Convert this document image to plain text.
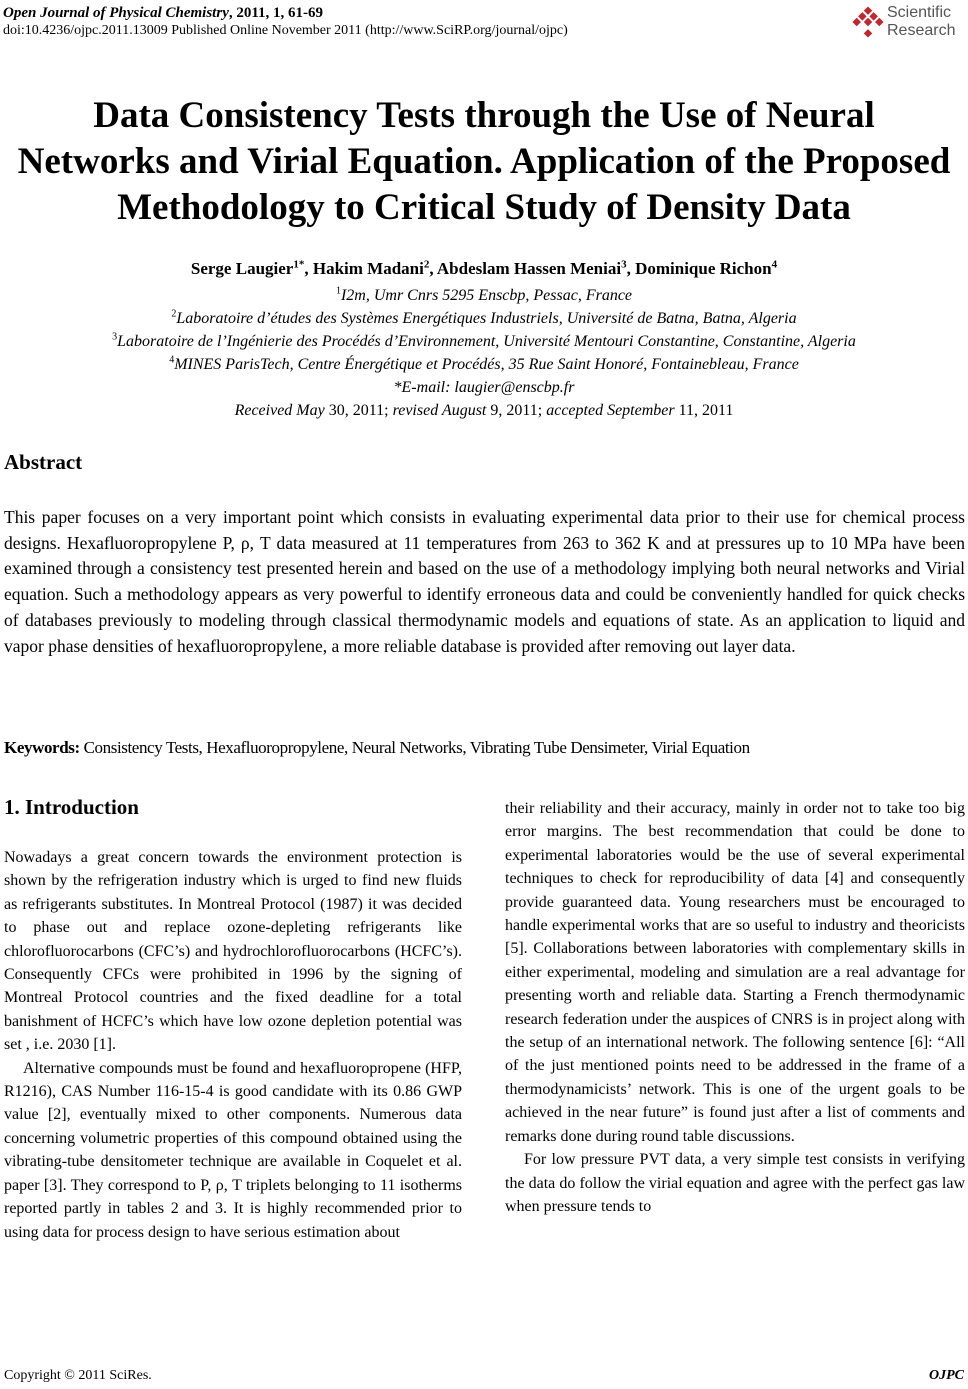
Open Journal of Physical Chemistry, 2011, 1, 61-69
doi:10.4236/ojpc.2011.13009 Published Online November 2011 (http://www.SciRP.org/journal/ojpc)
Scientific
Research
Data Consistency Tests through the Use of Neural
Networks and Virial Equation. Application of the Proposed
Methodology to Critical Study of Density Data
Serge Laugier$^{1*}$, Hakim Madani$^2$, Abdeslam Hassen Meniai$^3$, Dominique Richon$^4$
$^1$I2m, Umr Cnrs 5295 Enscbp, Pessac, France
$^2$Laboratoire d’études des Systèmes Energétiques Industriels, Université de Batna, Batna, Algeria
$^3$Laboratoire de l’Ingénierie des Procédés d’Environnement, Université Mentouri Constantine, Constantine, Algeria
$^4$MINES ParisTech, Centre Énergétique et Procédés, 35 Rue Saint Honoré, Fontainebleau, France
*E-mail: laugier@enscbp.fr
Received May 30, 2011; revised August 9, 2011; accepted September 11, 2011
Abstract
This paper focuses on a very important point which consists in evaluating experimental data prior to their use for chemical process designs. Hexafluoropropylene P, ρ, T data measured at 11 temperatures from 263 to 362 K and at pressures up to 10 MPa have been examined through a consistency test presented herein and based on the use of a methodology implying both neural networks and Virial equation. Such a methodology appears as very powerful to identify erroneous data and could be conveniently handled for quick checks of databases previously to modeling through classical thermodynamic models and equations of state. As an application to liquid and vapor phase densities of hexafluoropropylene, a more reliable database is provided after removing out layer data.
Keywords: Consistency Tests, Hexafluoropropylene, Neural Networks, Vibrating Tube Densimeter, Virial Equation
1. Introduction

Nowadays a great concern towards the environment protection is shown by the refrigeration industry which is urged to find new fluids as refrigerants substitutes. In Montreal Protocol (1987) it was decided to phase out and replace ozone-depleting refrigerants like chlorofluorocarbons (CFC’s) and hydrochlorofluorocarbons (HCFC’s). Consequently CFCs were prohibited in 1996 by the signing of Montreal Protocol countries and the fixed deadline for a total banishment of HCFC’s which have low ozone depletion potential was set , i.e. 2030 [1].

Alternative compounds must be found and hexafluoropropene (HFP, R1216), CAS Number 116-15-4 is good candidate with its 0.86 GWP value [2], eventually mixed to other components. Numerous data concerning volumetric properties of this compound obtained using the vibrating-tube densitometer technique are available in Coquelet et al. paper [3]. They correspond to P, ρ, T triplets belonging to 11 isotherms reported partly in tables 2 and 3. It is highly recommended prior to using data for process design to have serious estimation about

their reliability and their accuracy, mainly in order not to take too big error margins. The best recommendation that could be done to experimental laboratories would be the use of several experimental techniques to check for reproducibility of data [4] and consequently provide guaranteed data. Young researchers must be encouraged to handle experimental works that are so useful to industry and theoricists [5]. Collaborations between laboratories with complementary skills in either experimental, modeling and simulation are a real advantage for presenting worth and reliable data. Starting a French thermodynamic research federation under the auspices of CNRS is in project along with the setup of an international network. The following sentence [6]: “All of the just mentioned points need to be addressed in the frame of a thermodynamicists’ network. This is one of the urgent goals to be achieved in the near future” is found just after a list of comments and remarks done during round table discussions.

For low pressure PVT data, a very simple test consists in verifying the data do follow the virial equation and agree with the perfect gas law when pressure tends to

Copyright © 2011 SciRes.	OJPC
